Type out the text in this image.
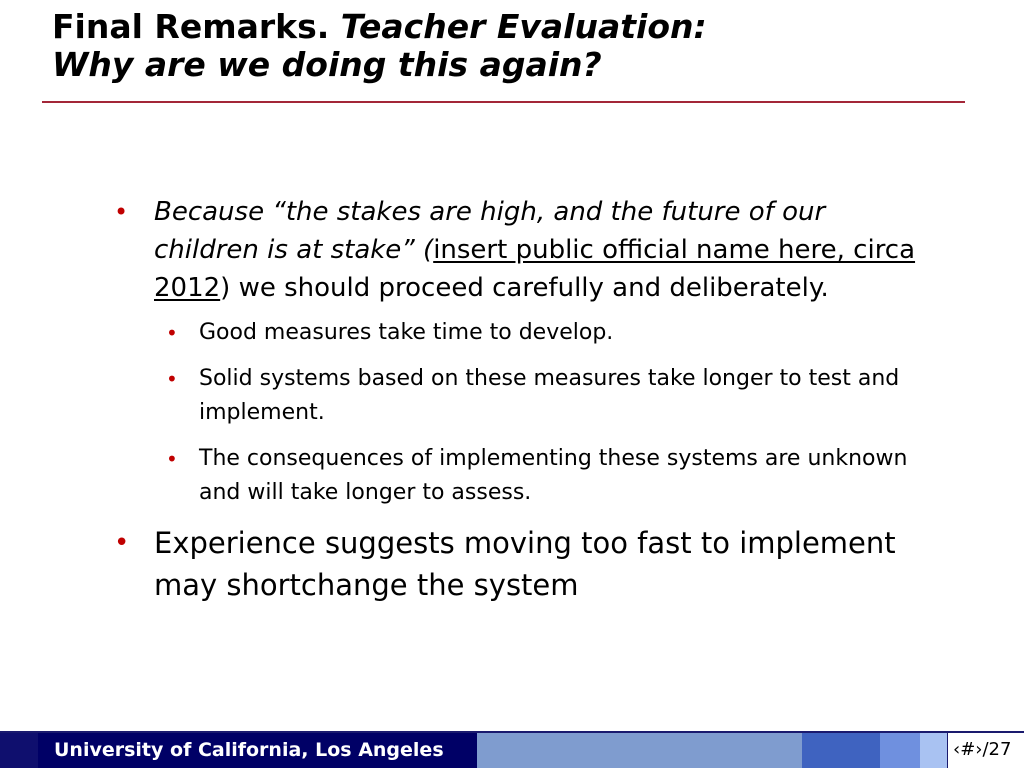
Final Remarks. Teacher Evaluation:
Why are we doing this again?
• Because “the stakes are high, and the future of our children is at stake” (insert public official name here, circa 2012) we should proceed carefully and deliberately.
• Good measures take time to develop.
• Solid systems based on these measures take longer to test and implement.
• The consequences of implementing these systems are unknown and will take longer to assess.
• Experience suggests moving too fast to implement may shortchange the system
University of California, Los Angeles	‹#›/27
